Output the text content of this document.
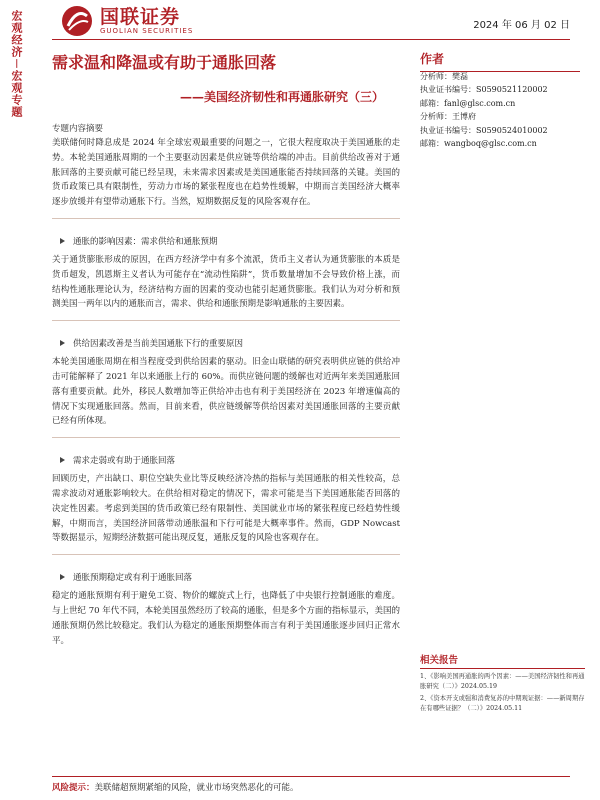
宏观经济－宏观专题	国联证券
GUOLIAN SECURITIES	2024 年 06 月 02 日
需求温和降温或有助于通胀回落
——美国经济韧性和再通胀研究（三）
作者
分析师：樊磊
执业证书编号：S0590521120002
邮箱：fanl@glsc.com.cn
分析师：王博府
执业证书编号：S0590524010002
邮箱：wangboq@glsc.com.cn
专题内容摘要
美联储何时降息成是 2024 年全球宏观最重要的问题之一，它很大程度取决于美国通胀的走势。本轮美国通胀周期的一个主要驱动因素是供应链等供给端的冲击。目前供给改善对于通胀回落的主要贡献可能已经呈现，未来需求因素或是美国通胀能否持续回落的关键。美国的货币政策已具有限制性，劳动力市场的紧张程度也在趋势性缓解，中期而言美国经济大概率逐步放缓并有望带动通胀下行。当然，短期数据反复的风险客观存在。
通胀的影响因素：需求供给和通胀预期
关于通货膨胀形成的原因，在西方经济学中有多个流派，货币主义者认为通货膨胀的本质是货币超发，凯恩斯主义者认为可能存在“流动性陷阱”，货币数量增加不会导致价格上涨，而结构性通胀理论认为，经济结构方面的因素的变动也能引起通货膨胀。我们认为对分析和预测美国一两年以内的通胀而言，需求、供给和通胀预期是影响通胀的主要因素。
供给因素改善是当前美国通胀下行的重要原因
本轮美国通胀周期在相当程度受到供给因素的驱动。旧金山联储的研究表明供应链的供给冲击可能解释了 2021 年以来通胀上行的 60%。而供应链问题的缓解也对近两年来美国通胀回落有重要贡献。此外，移民人数增加等正供给冲击也有利于美国经济在 2023 年增速偏高的情况下实现通胀回落。然而，目前来看，供应链缓解等供给因素对美国通胀回落的主要贡献已经有所体现。
需求走弱或有助于通胀回落
回顾历史，产出缺口、职位空缺失业比等反映经济冷热的指标与美国通胀的相关性较高，总需求波动对通胀影响较大。在供给相对稳定的情况下，需求可能是当下美国通胀能否回落的决定性因素。考虑到美国的货币政策已经有限制性、美国就业市场的紧张程度已经趋势性缓解，中期而言，美国经济回落带动通胀温和下行可能是大概率事件。然而，GDP Nowcast 等数据显示，短期经济数据可能出现反复，通胀反复的风险也客观存在。
通胀预期稳定或有利于通胀回落
稳定的通胀预期有利于避免工资、物价的螺旋式上行，也降低了中央银行控制通胀的难度。与上世纪 70 年代不同，本轮美国虽然经历了较高的通胀，但是多个方面的指标显示，美国的通胀预期仍然比较稳定。我们认为稳定的通胀预期整体而言有利于美国通胀逐步回归正常水平。
相关报告
1、《影响美国再通胀的两个因素：——美国经济韧性和再通胀研究（二）》2024.05.19
2、《资本开支或强和消费复苏的中期观证据：——新周期存在有哪些证据？（二）》2024.05.11
风险提示：美联储超预期紧缩的风险，就业市场突然恶化的可能。
